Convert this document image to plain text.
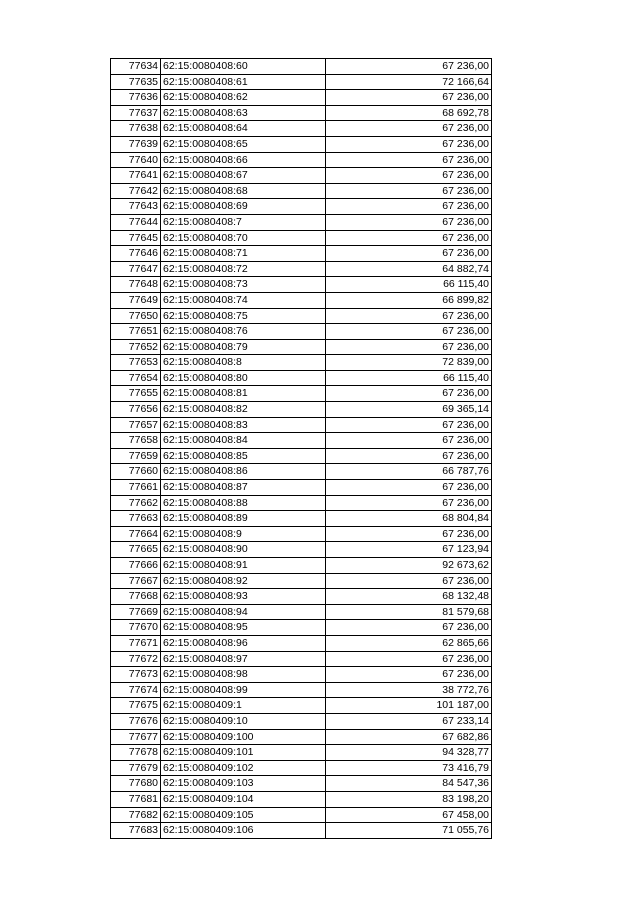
77634	62:15:0080408:60	67 236,00
77635	62:15:0080408:61	72 166,64
77636	62:15:0080408:62	67 236,00
77637	62:15:0080408:63	68 692,78
77638	62:15:0080408:64	67 236,00
77639	62:15:0080408:65	67 236,00
77640	62:15:0080408:66	67 236,00
77641	62:15:0080408:67	67 236,00
77642	62:15:0080408:68	67 236,00
77643	62:15:0080408:69	67 236,00
77644	62:15:0080408:7	67 236,00
77645	62:15:0080408:70	67 236,00
77646	62:15:0080408:71	67 236,00
77647	62:15:0080408:72	64 882,74
77648	62:15:0080408:73	66 115,40
77649	62:15:0080408:74	66 899,82
77650	62:15:0080408:75	67 236,00
77651	62:15:0080408:76	67 236,00
77652	62:15:0080408:79	67 236,00
77653	62:15:0080408:8	72 839,00
77654	62:15:0080408:80	66 115,40
77655	62:15:0080408:81	67 236,00
77656	62:15:0080408:82	69 365,14
77657	62:15:0080408:83	67 236,00
77658	62:15:0080408:84	67 236,00
77659	62:15:0080408:85	67 236,00
77660	62:15:0080408:86	66 787,76
77661	62:15:0080408:87	67 236,00
77662	62:15:0080408:88	67 236,00
77663	62:15:0080408:89	68 804,84
77664	62:15:0080408:9	67 236,00
77665	62:15:0080408:90	67 123,94
77666	62:15:0080408:91	92 673,62
77667	62:15:0080408:92	67 236,00
77668	62:15:0080408:93	68 132,48
77669	62:15:0080408:94	81 579,68
77670	62:15:0080408:95	67 236,00
77671	62:15:0080408:96	62 865,66
77672	62:15:0080408:97	67 236,00
77673	62:15:0080408:98	67 236,00
77674	62:15:0080408:99	38 772,76
77675	62:15:0080409:1	101 187,00
77676	62:15:0080409:10	67 233,14
77677	62:15:0080409:100	67 682,86
77678	62:15:0080409:101	94 328,77
77679	62:15:0080409:102	73 416,79
77680	62:15:0080409:103	84 547,36
77681	62:15:0080409:104	83 198,20
77682	62:15:0080409:105	67 458,00
77683	62:15:0080409:106	71 055,76
